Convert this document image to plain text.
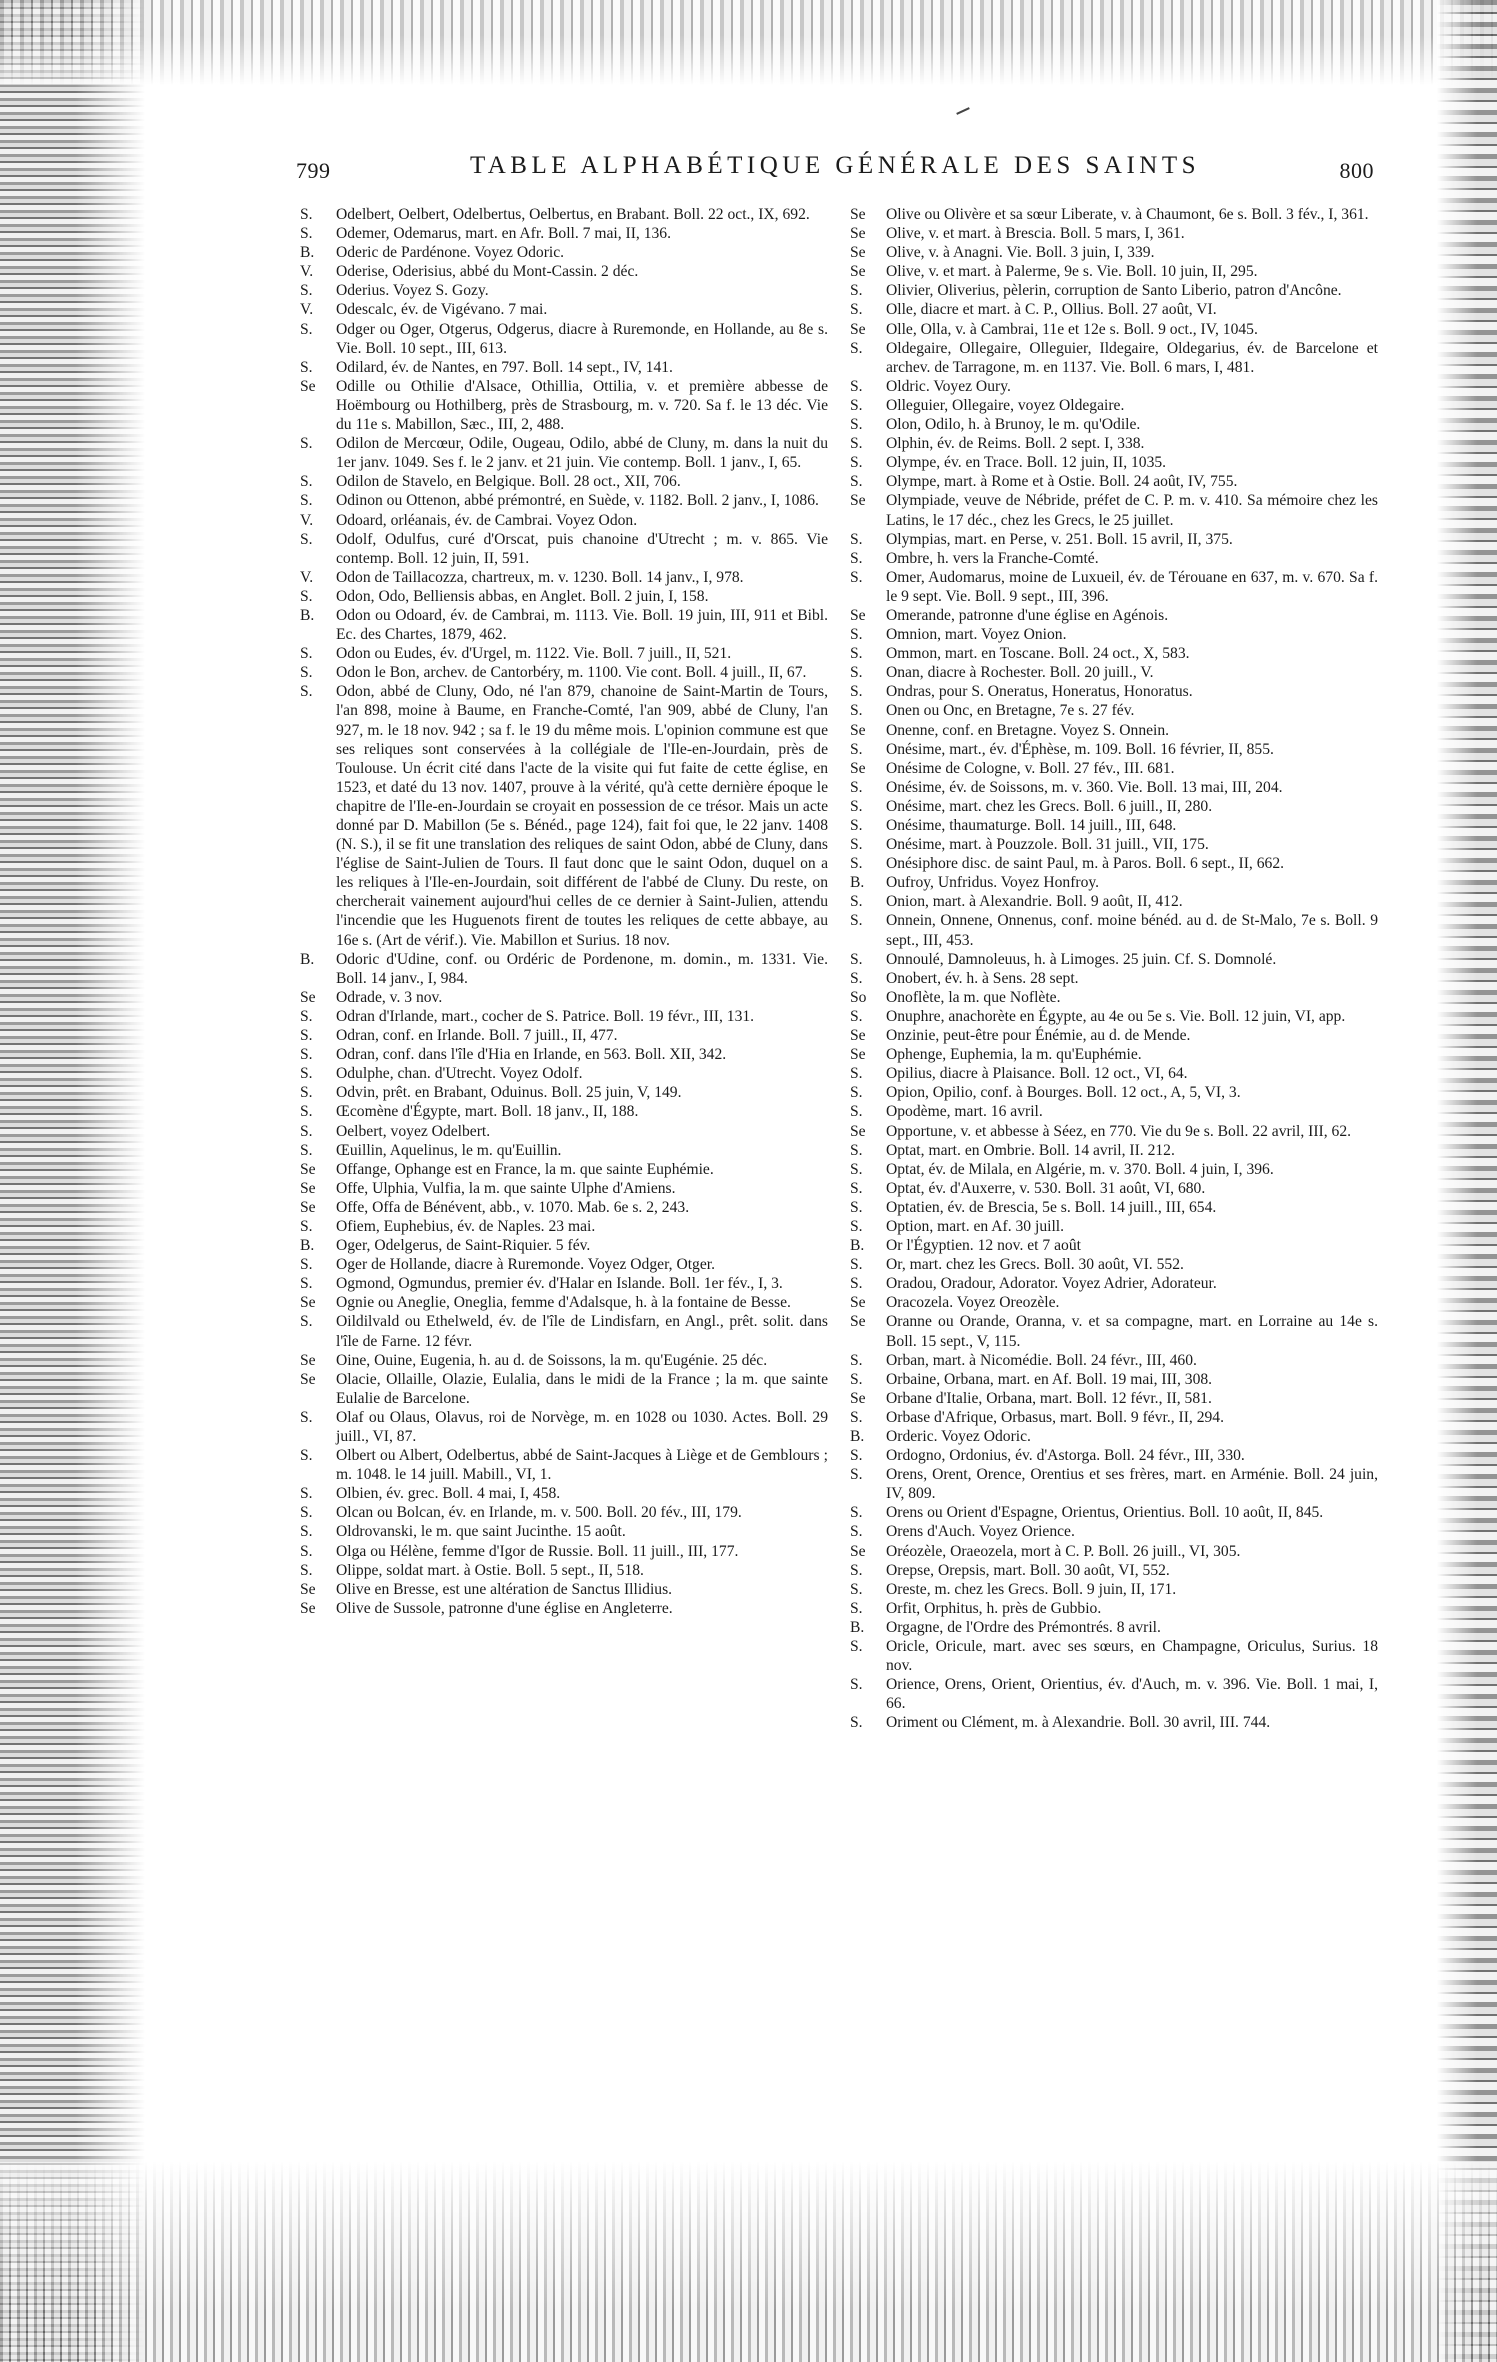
799	TABLE ALPHABÉTIQUE GÉNÉRALE DES SAINTS	800
S. Odelbert, Oelbert, Odelbertus, Oelbertus, en Brabant. Boll. 22 oct., IX, 692.
S. Odemer, Odemarus, mart. en Afr. Boll. 7 mai, II, 136.
B. Oderic de Pardénone. Voyez Odoric.
V. Oderise, Oderisius, abbé du Mont-Cassin. 2 déc.
S. Oderius. Voyez S. Gozy.
V. Odescalc, év. de Vigévano. 7 mai.
S. Odger ou Oger, Otgerus, Odgerus, diacre à Ruremonde, en Hollande, au 8e s. Vie. Boll. 10 sept., III, 613.
S. Odilard, év. de Nantes, en 797. Boll. 14 sept., IV, 141.
Se Odille ou Othilie d'Alsace, Othillia, Ottilia, v. et première abbesse de Hoëmbourg ou Hothilberg, près de Strasbourg, m. v. 720. Sa f. le 13 déc. Vie du 11e s. Mabillon, Sæc., III, 2, 488.
S. Odilon de Mercœur, Odile, Ougeau, Odilo, abbé de Cluny, m. dans la nuit du 1er janv. 1049. Ses f. le 2 janv. et 21 juin. Vie contemp. Boll. 1 janv., I, 65.
S. Odilon de Stavelo, en Belgique. Boll. 28 oct., XII, 706.
S. Odinon ou Ottenon, abbé prémontré, en Suède, v. 1182. Boll. 2 janv., I, 1086.
V. Odoard, orléanais, év. de Cambrai. Voyez Odon.
S. Odolf, Odulfus, curé d'Orscat, puis chanoine d'Utrecht ; m. v. 865. Vie contemp. Boll. 12 juin, II, 591.
V. Odon de Taillacozza, chartreux, m. v. 1230. Boll. 14 janv., I, 978.
S. Odon, Odo, Belliensis abbas, en Anglet. Boll. 2 juin, I, 158.
B. Odon ou Odoard, év. de Cambrai, m. 1113. Vie. Boll. 19 juin, III, 911 et Bibl. Ec. des Chartes, 1879, 462.
S. Odon ou Eudes, év. d'Urgel, m. 1122. Vie. Boll. 7 juill., II, 521.
S. Odon le Bon, archev. de Cantorbéry, m. 1100. Vie cont. Boll. 4 juill., II, 67.
S. Odon, abbé de Cluny, Odo, né l'an 879, chanoine de Saint-Martin de Tours, l'an 898, moine à Baume, en Franche-Comté, l'an 909, abbé de Cluny, l'an 927, m. le 18 nov. 942 ; sa f. le 19 du même mois. L'opinion commune est que ses reliques sont conservées à la collégiale de l'Ile-en-Jourdain, près de Toulouse. Un écrit cité dans l'acte de la visite qui fut faite de cette église, en 1523, et daté du 13 nov. 1407, prouve à la vérité, qu'à cette dernière époque le chapitre de l'Ile-en-Jourdain se croyait en possession de ce trésor. Mais un acte donné par D. Mabillon (5e s. Bénéd., page 124), fait foi que, le 22 janv. 1408 (N. S.), il se fit une translation des reliques de saint Odon, abbé de Cluny, dans l'église de Saint-Julien de Tours. Il faut donc que le saint Odon, duquel on a les reliques à l'Ile-en-Jourdain, soit différent de l'abbé de Cluny. Du reste, on chercherait vainement aujourd'hui celles de ce dernier à Saint-Julien, attendu l'incendie que les Huguenots firent de toutes les reliques de cette abbaye, au 16e s. (Art de vérif.). Vie. Mabillon et Surius. 18 nov.
B. Odoric d'Udine, conf. ou Ordéric de Pordenone, m. domin., m. 1331. Vie. Boll. 14 janv., I, 984.
Se Odrade, v. 3 nov.
S. Odran d'Irlande, mart., cocher de S. Patrice. Boll. 19 févr., III, 131.
S. Odran, conf. en Irlande. Boll. 7 juill., II, 477.
S. Odran, conf. dans l'île d'Hia en Irlande, en 563. Boll. XII, 342.
S. Odulphe, chan. d'Utrecht. Voyez Odolf.
S. Odvin, prêt. en Brabant, Oduinus. Boll. 25 juin, V, 149.
S. Œcomène d'Égypte, mart. Boll. 18 janv., II, 188.
S. Oelbert, voyez Odelbert.
S. Œuillin, Aquelinus, le m. qu'Euillin.
Se Offange, Ophange est en France, la m. que sainte Euphémie.
Se Offe, Ulphia, Vulfia, la m. que sainte Ulphe d'Amiens.
Se Offe, Offa de Bénévent, abb., v. 1070. Mab. 6e s. 2, 243.
S. Ofiem, Euphebius, év. de Naples. 23 mai.
B. Oger, Odelgerus, de Saint-Riquier. 5 fév.
S. Oger de Hollande, diacre à Ruremonde. Voyez Odger, Otger.
S. Ogmond, Ogmundus, premier év. d'Halar en Islande. Boll. 1er fév., I, 3.
Se Ognie ou Aneglie, Oneglia, femme d'Adalsque, h. à la fontaine de Besse.
S. Oildilvald ou Ethelweld, év. de l'île de Lindisfarn, en Angl., prêt. solit. dans l'île de Farne. 12 févr.
Se Oine, Ouine, Eugenia, h. au d. de Soissons, la m. qu'Eugénie. 25 déc.
Se Olacie, Ollaille, Olazie, Eulalia, dans le midi de la France ; la m. que sainte Eulalie de Barcelone.
S. Olaf ou Olaus, Olavus, roi de Norvège, m. en 1028 ou 1030. Actes. Boll. 29 juill., VI, 87.
S. Olbert ou Albert, Odelbertus, abbé de Saint-Jacques à Liège et de Gemblours ; m. 1048. le 14 juill. Mabill., VI, 1.
S. Olbien, év. grec. Boll. 4 mai, I, 458.
S. Olcan ou Bolcan, év. en Irlande, m. v. 500. Boll. 20 fév., III, 179.
S. Oldrovanski, le m. que saint Jucinthe. 15 août.
S. Olga ou Hélène, femme d'Igor de Russie. Boll. 11 juill., III, 177.
S. Olippe, soldat mart. à Ostie. Boll. 5 sept., II, 518.
Se Olive en Bresse, est une altération de Sanctus Illidius.
Se Olive de Sussole, patronne d'une église en Angleterre.
Se Olive ou Olivère et sa sœur Liberate, v. à Chaumont, 6e s. Boll. 3 fév., I, 361.
Se Olive, v. et mart. à Brescia. Boll. 5 mars, I, 361.
Se Olive, v. à Anagni. Vie. Boll. 3 juin, I, 339.
Se Olive, v. et mart. à Palerme, 9e s. Vie. Boll. 10 juin, II, 295.
S. Olivier, Oliverius, pèlerin, corruption de Santo Liberio, patron d'Ancône.
S. Olle, diacre et mart. à C. P., Ollius. Boll. 27 août, VI.
Se Olle, Olla, v. à Cambrai, 11e et 12e s. Boll. 9 oct., IV, 1045.
S. Oldegaire, Ollegaire, Olleguier, Ildegaire, Oldegarius, év. de Barcelone et archev. de Tarragone, m. en 1137. Vie. Boll. 6 mars, I, 481.
S. Oldric. Voyez Oury.
S. Olleguier, Ollegaire, voyez Oldegaire.
S. Olon, Odilo, h. à Brunoy, le m. qu'Odile.
S. Olphin, év. de Reims. Boll. 2 sept. I, 338.
S. Olympe, év. en Trace. Boll. 12 juin, II, 1035.
S. Olympe, mart. à Rome et à Ostie. Boll. 24 août, IV, 755.
Se Olympiade, veuve de Nébride, préfet de C. P. m. v. 410. Sa mémoire chez les Latins, le 17 déc., chez les Grecs, le 25 juillet.
S. Olympias, mart. en Perse, v. 251. Boll. 15 avril, II, 375.
S. Ombre, h. vers la Franche-Comté.
S. Omer, Audomarus, moine de Luxueil, év. de Térouane en 637, m. v. 670. Sa f. le 9 sept. Vie. Boll. 9 sept., III, 396.
Se Omerande, patronne d'une église en Agénois.
S. Omnion, mart. Voyez Onion.
S. Ommon, mart. en Toscane. Boll. 24 oct., X, 583.
S. Onan, diacre à Rochester. Boll. 20 juill., V.
S. Ondras, pour S. Oneratus, Honeratus, Honoratus.
S. Onen ou Onc, en Bretagne, 7e s. 27 fév.
Se Onenne, conf. en Bretagne. Voyez S. Onnein.
S. Onésime, mart., év. d'Éphèse, m. 109. Boll. 16 février, II, 855.
Se Onésime de Cologne, v. Boll. 27 fév., III. 681.
S. Onésime, év. de Soissons, m. v. 360. Vie. Boll. 13 mai, III, 204.
S. Onésime, mart. chez les Grecs. Boll. 6 juill., II, 280.
S. Onésime, thaumaturge. Boll. 14 juill., III, 648.
S. Onésime, mart. à Pouzzole. Boll. 31 juill., VII, 175.
S. Onésiphore disc. de saint Paul, m. à Paros. Boll. 6 sept., II, 662.
B. Oufroy, Unfridus. Voyez Honfroy.
S. Onion, mart. à Alexandrie. Boll. 9 août, II, 412.
S. Onnein, Onnene, Onnenus, conf. moine bénéd. au d. de St-Malo, 7e s. Boll. 9 sept., III, 453.
S. Onnoulé, Damnoleuus, h. à Limoges. 25 juin. Cf. S. Domnolé.
S. Onobert, év. h. à Sens. 28 sept.
So Onoflète, la m. que Noflète.
S. Onuphre, anachorète en Égypte, au 4e ou 5e s. Vie. Boll. 12 juin, VI, app.
Se Onzinie, peut-être pour Énémie, au d. de Mende.
Se Ophenge, Euphemia, la m. qu'Euphémie.
S. Opilius, diacre à Plaisance. Boll. 12 oct., VI, 64.
S. Opion, Opilio, conf. à Bourges. Boll. 12 oct., A, 5, VI, 3.
S. Opodème, mart. 16 avril.
Se Opportune, v. et abbesse à Séez, en 770. Vie du 9e s. Boll. 22 avril, III, 62.
S. Optat, mart. en Ombrie. Boll. 14 avril, II. 212.
S. Optat, év. de Milala, en Algérie, m. v. 370. Boll. 4 juin, I, 396.
S. Optat, év. d'Auxerre, v. 530. Boll. 31 août, VI, 680.
S. Optatien, év. de Brescia, 5e s. Boll. 14 juill., III, 654.
S. Option, mart. en Af. 30 juill.
B. Or l'Égyptien. 12 nov. et 7 août
S. Or, mart. chez les Grecs. Boll. 30 août, VI. 552.
S. Oradou, Oradour, Adorator. Voyez Adrier, Adorateur.
Se Oracozela. Voyez Oreozèle.
Se Oranne ou Orande, Oranna, v. et sa compagne, mart. en Lorraine au 14e s. Boll. 15 sept., V, 115.
S. Orban, mart. à Nicomédie. Boll. 24 févr., III, 460.
S. Orbaine, Orbana, mart. en Af. Boll. 19 mai, III, 308.
Se Orbane d'Italie, Orbana, mart. Boll. 12 févr., II, 581.
S. Orbase d'Afrique, Orbasus, mart. Boll. 9 févr., II, 294.
B. Orderic. Voyez Odoric.
S. Ordogno, Ordonius, év. d'Astorga. Boll. 24 févr., III, 330.
S. Orens, Orent, Orence, Orentius et ses frères, mart. en Arménie. Boll. 24 juin, IV, 809.
S. Orens ou Orient d'Espagne, Orientus, Orientius. Boll. 10 août, II, 845.
S. Orens d'Auch. Voyez Orience.
Se Oréozèle, Oraeozela, mort à C. P. Boll. 26 juill., VI, 305.
S. Orepse, Orepsis, mart. Boll. 30 août, VI, 552.
S. Oreste, m. chez les Grecs. Boll. 9 juin, II, 171.
S. Orfit, Orphitus, h. près de Gubbio.
B. Orgagne, de l'Ordre des Prémontrés. 8 avril.
S. Oricle, Oricule, mart. avec ses sœurs, en Champagne, Oriculus, Surius. 18 nov.
S. Orience, Orens, Orient, Orientius, év. d'Auch, m. v. 396. Vie. Boll. 1 mai, I, 66.
S. Oriment ou Clément, m. à Alexandrie. Boll. 30 avril, III. 744.
